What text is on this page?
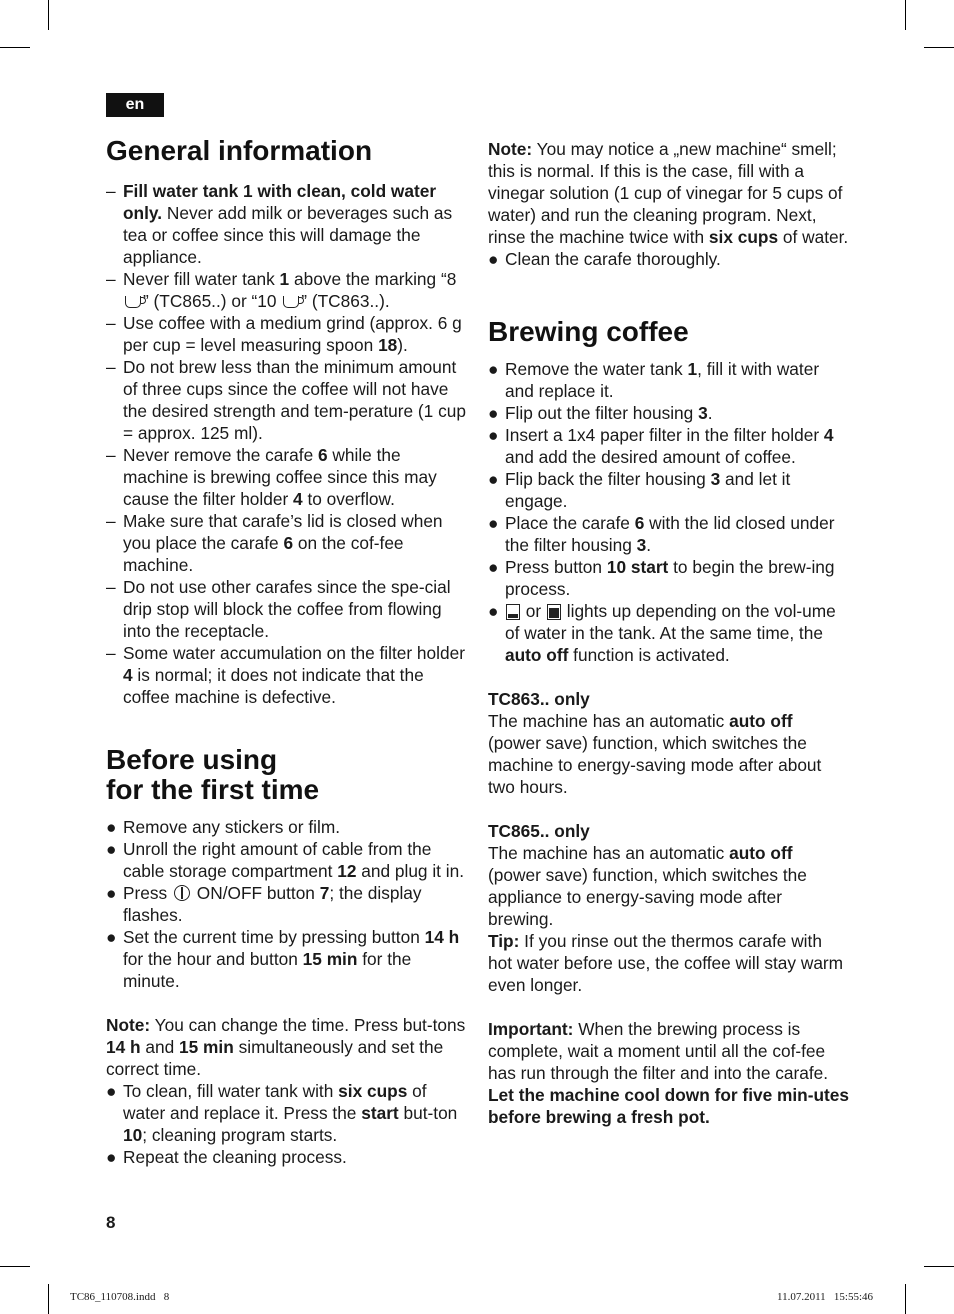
en
General information
– Fill water tank 1 with clean, cold water only. Never add milk or beverages such as tea or coffee since this will damage the appliance.
– Never fill water tank 1 above the marking “8 ” (TC865..) or “10 ” (TC863..).
– Use coffee with a medium grind (approx. 6 g per cup = level measuring spoon 18).
– Do not brew less than the minimum amount of three cups since the coffee will not have the desired strength and tem-perature (1 cup = approx. 125 ml).
– Never remove the carafe 6 while the machine is brewing coffee since this may cause the filter holder 4 to overflow.
– Make sure that carafe’s lid is closed when you place the carafe 6 on the cof-fee machine.
– Do not use other carafes since the spe-cial drip stop will block the coffee from flowing into the receptacle.
– Some water accumulation on the filter holder 4 is normal; it does not indicate that the coffee machine is defective.
Before using
for the first time
● Remove any stickers or film.
● Unroll the right amount of cable from the cable storage compartment 12 and plug it in.
● Press  ON/OFF button 7; the display flashes.
● Set the current time by pressing button 14 h for the hour and button 15 min for the minute.

Note: You can change the time. Press but-tons 14 h and 15 min simultaneously and set the correct time.

● To clean, fill water tank with six cups of water and replace it. Press the start but-ton 10; cleaning program starts.
● Repeat the cleaning process.

Note: You may notice a „new machine“ smell; this is normal. If this is the case, fill with a vinegar solution (1 cup of vinegar for 5 cups of water) and run the cleaning program. Next, rinse the machine twice with six cups of water.

● Clean the carafe thoroughly.
Brewing coffee
● Remove the water tank 1, fill it with water and replace it.
● Flip out the filter housing 3.
● Insert a 1x4 paper filter in the filter holder 4 and add the desired amount of coffee.
● Flip back the filter housing 3 and let it engage.
● Place the carafe 6 with the lid closed under the filter housing 3.
● Press button 10 start to begin the brew-ing process.
● or  lights up depending on the vol-ume of water in the tank. At the same time, the auto off function is activated.

TC863.. only

The machine has an automatic auto off (power save) function, which switches the machine to energy-saving mode after about two hours.

TC865.. only

The machine has an automatic auto off (power save) function, which switches the appliance to energy-saving mode after brewing.

Tip: If you rinse out the thermos carafe with hot water before use, the coffee will stay warm even longer.

Important: When the brewing process is complete, wait a moment until all the cof-fee has run through the filter and into the carafe.

Let the machine cool down for five min-utes before brewing a fresh pot.

8
TC86_110708.indd   8	11.07.2011   15:55:46
